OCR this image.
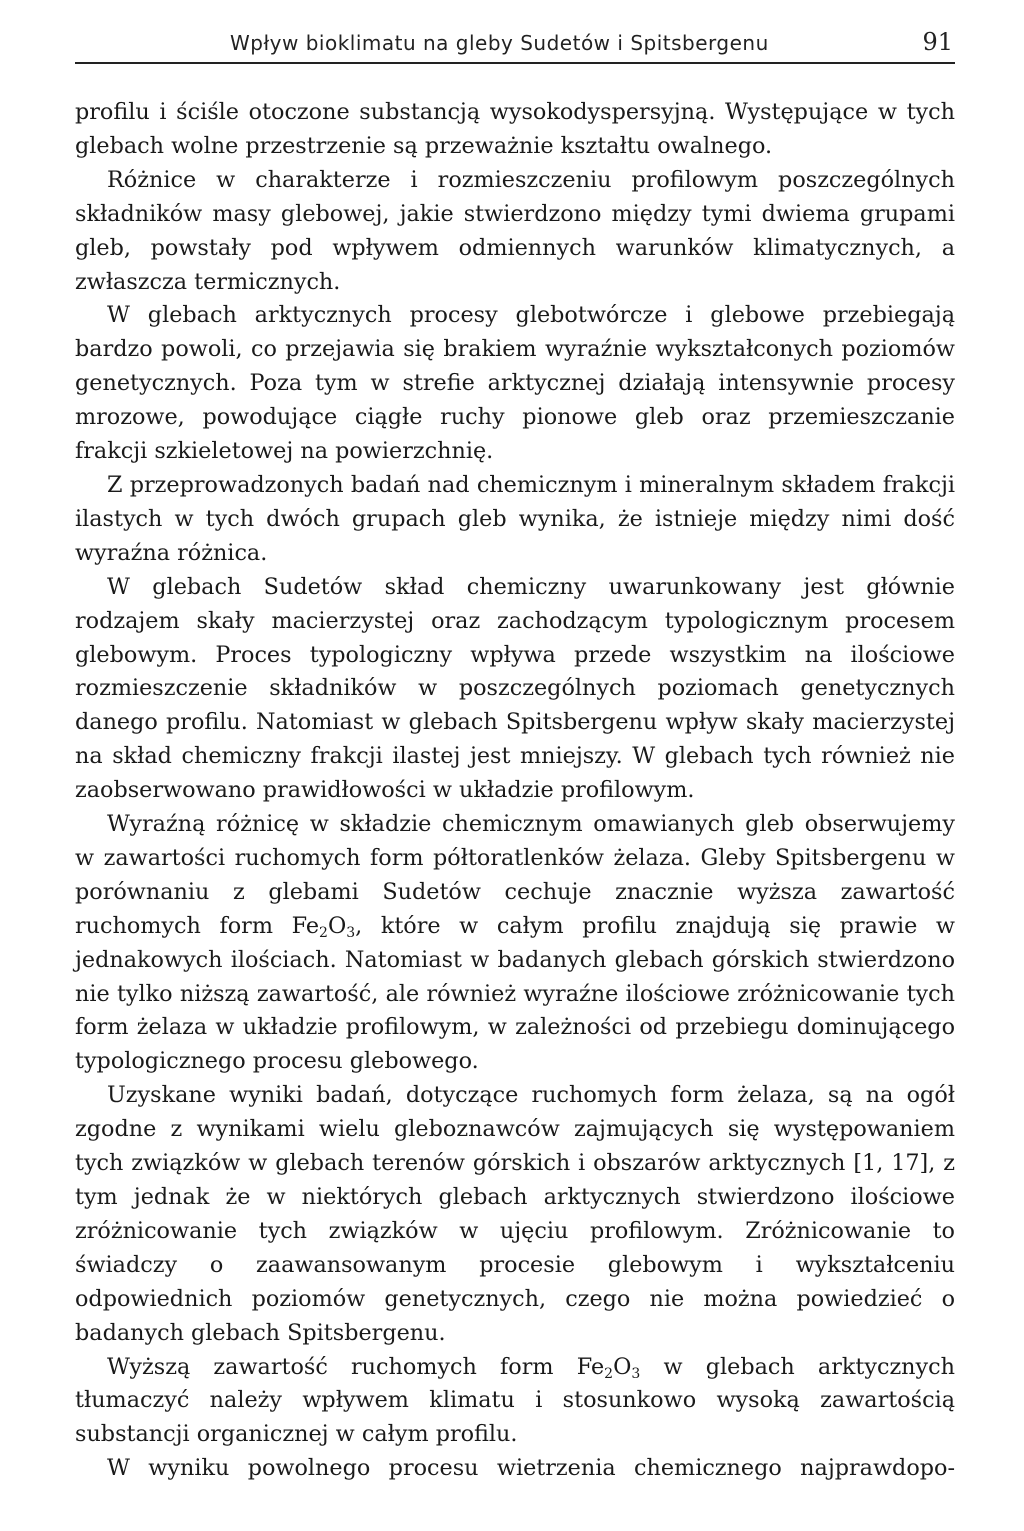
Wpływ bioklimatu na gleby Sudetów i Spitsbergenu	91

profilu i ściśle otoczone substancją wysokodyspersyjną. Występujące w tych glebach wolne przestrzenie są przeważnie kształtu owalnego.

Różnice w charakterze i rozmieszczeniu profilowym poszczególnych składników masy glebowej, jakie stwierdzono między tymi dwiema grupami gleb, powstały pod wpływem odmiennych warunków klimatycznych, a zwłaszcza termicznych.

W glebach arktycznych procesy glebotwórcze i glebowe przebiegają bardzo powoli, co przejawia się brakiem wyraźnie wykształconych poziomów genetycznych. Poza tym w strefie arktycznej działają intensywnie procesy mrozowe, powodujące ciągłe ruchy pionowe gleb oraz przemieszczanie frakcji szkieletowej na powierzchnię.

Z przeprowadzonych badań nad chemicznym i mineralnym składem frakcji ilastych w tych dwóch grupach gleb wynika, że istnieje między nimi dość wyraźna różnica.

W glebach Sudetów skład chemiczny uwarunkowany jest głównie rodzajem skały macierzystej oraz zachodzącym typologicznym procesem glebowym. Proces typologiczny wpływa przede wszystkim na ilościowe rozmieszczenie składników w poszczególnych poziomach genetycznych danego profilu. Natomiast w glebach Spitsbergenu wpływ skały macierzystej na skład chemiczny frakcji ilastej jest mniejszy. W glebach tych również nie zaobserwowano prawidłowości w układzie profilowym.

Wyraźną różnicę w składzie chemicznym omawianych gleb obserwujemy w zawartości ruchomych form półtoratlenków żelaza. Gleby Spitsbergenu w porównaniu z glebami Sudetów cechuje znacznie wyższa zawartość ruchomych form $Fe_2O_3$, które w całym profilu znajdują się prawie w jednakowych ilościach. Natomiast w badanych glebach górskich stwierdzono nie tylko niższą zawartość, ale również wyraźne ilościowe zróżnicowanie tych form żelaza w układzie profilowym, w zależności od przebiegu dominującego typologicznego procesu glebowego.

Uzyskane wyniki badań, dotyczące ruchomych form żelaza, są na ogół zgodne z wynikami wielu gleboznawców zajmujących się występowaniem tych związków w glebach terenów górskich i obszarów arktycznych [1, 17], z tym jednak że w niektórych glebach arktycznych stwierdzono ilościowe zróżnicowanie tych związków w ujęciu profilowym. Zróżnicowanie to świadczy o zaawansowanym procesie glebowym i wykształceniu odpowiednich poziomów genetycznych, czego nie można powiedzieć o badanych glebach Spitsbergenu.

Wyższą zawartość ruchomych form $Fe_2O_3$ w glebach arktycznych tłumaczyć należy wpływem klimatu i stosunkowo wysoką zawartością substancji organicznej w całym profilu.

W wyniku powolnego procesu wietrzenia chemicznego najprawdopo-
